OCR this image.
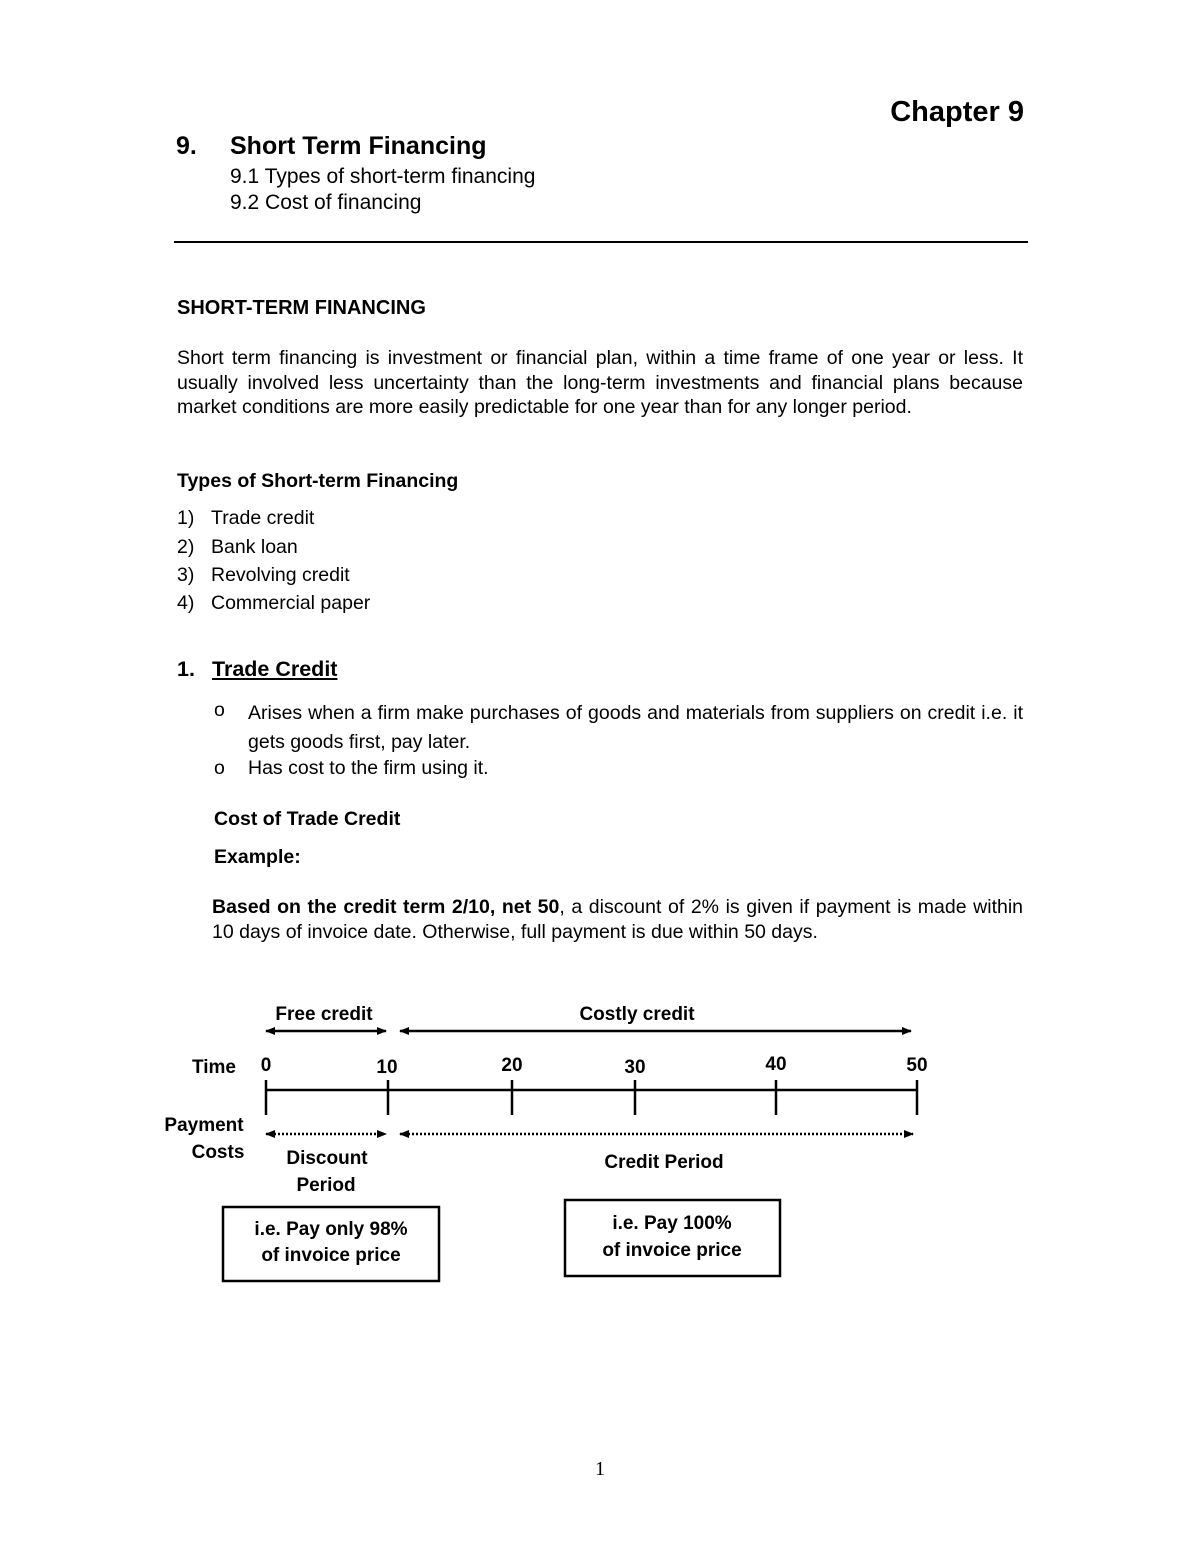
Chapter 9
9. Short Term Financing
9.1 Types of short-term financing
9.2 Cost of financing
SHORT-TERM FINANCING

Short term financing is investment or financial plan, within a time frame of one year or less. It usually involved less uncertainty than the long-term investments and financial plans because market conditions are more easily predictable for one year than for any longer period.

Types of Short-term Financing
1) Trade credit
2) Bank loan
3) Revolving credit
4) Commercial paper
1. Trade Credit
o Arises when a firm make purchases of goods and materials from suppliers on credit i.e. it gets goods first, pay later.

o Has cost to the firm using it.
Cost of Trade Credit
Example:

Based on the credit term 2/10, net 50, a discount of 2% is given if payment is made within 10 days of invoice date. Otherwise, full payment is due within 50 days.

Free credit	Costly credit
Time 0	10	20	30	40	50
Payment
Costs Discount
Period
Credit Period
i.e. Pay only 98%
of invoice price
i.e. Pay 100%
of invoice price
1
